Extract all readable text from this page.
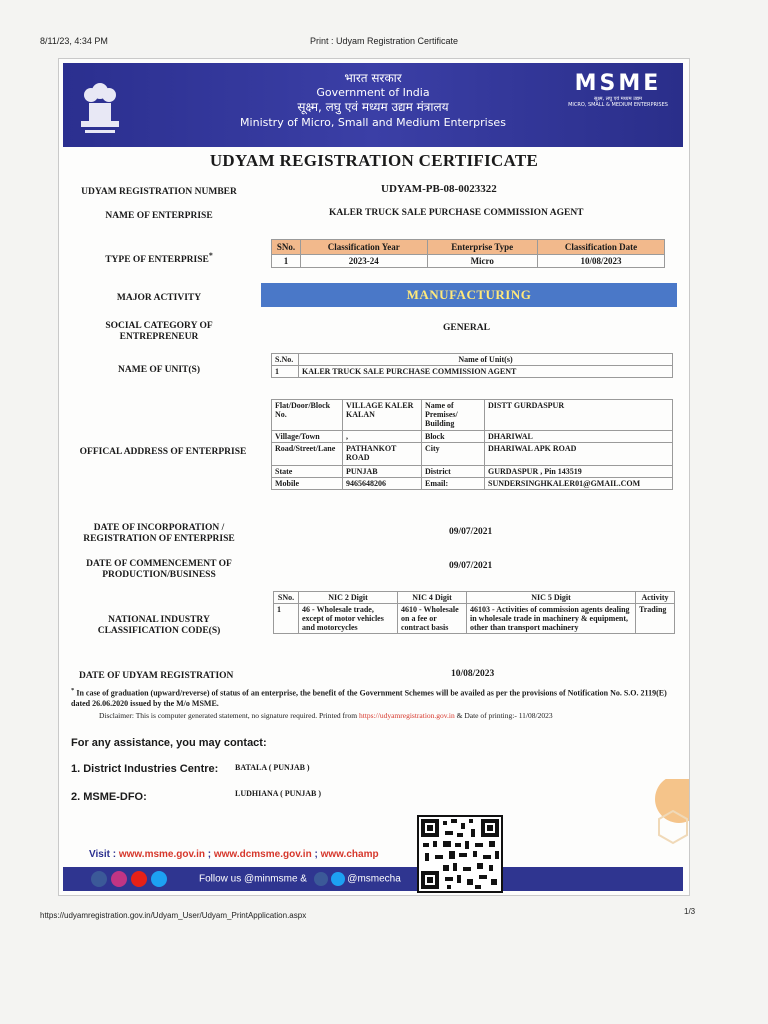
8/11/23, 4:34 PM	Print : Udyam Registration Certificate
भारत सरकार
Government of India
सूक्ष्म, लघु एवं मध्यम उद्यम मंत्रालय
Ministry of Micro, Small and Medium Enterprises
MSME
सूक्ष्म, लघु एवं मध्यम उद्यम
MICRO, SMALL & MEDIUM ENTERPRISES
UDYAM REGISTRATION CERTIFICATE
UDYAM REGISTRATION NUMBER	UDYAM-PB-08-0023322
NAME OF ENTERPRISE	KALER TRUCK SALE PURCHASE COMMISSION AGENT
TYPE OF ENTERPRISE*
SNo.	Classification Year	Enterprise Type	Classification Date
1	2023-24	Micro	10/08/2023
MAJOR ACTIVITY	MANUFACTURING
SOCIAL CATEGORY OF
ENTREPRENEUR
GENERAL
NAME OF UNIT(S)
S.No.	Name of Unit(s)
1	KALER TRUCK SALE PURCHASE COMMISSION AGENT
OFFICAL ADDRESS OF ENTERPRISE
Flat/Door/Block No.	VILLAGE KALER KALAN	Name of Premises/ Building	DISTT GURDASPUR
Village/Town	,	Block	DHARIWAL
Road/Street/Lane	PATHANKOT ROAD	City	DHARIWAL APK ROAD
State	PUNJAB	District	GURDASPUR , Pin 143519
Mobile	9465648206	Email:	SUNDERSINGHKALER01@GMAIL.COM
DATE OF INCORPORATION /
REGISTRATION OF ENTERPRISE
09/07/2021
DATE OF COMMENCEMENT OF
PRODUCTION/BUSINESS
09/07/2021
NATIONAL INDUSTRY
CLASSIFICATION CODE(S)
SNo.	NIC 2 Digit	NIC 4 Digit	NIC 5 Digit	Activity
1	46 - Wholesale trade, except of motor vehicles and motorcycles	4610 - Wholesale on a fee or contract basis	46103 - Activities of commission agents dealing in wholesale trade in machinery & equipment, other than transport machinery	Trading
DATE OF UDYAM REGISTRATION	10/08/2023
* In case of graduation (upward/reverse) of status of an enterprise, the benefit of the Government Schemes will be availed as per the provisions of Notification No. S.O. 2119(E) dated 26.06.2020 issued by the M/o MSME.
Disclaimer: This is computer generated statement, no signature required. Printed from https://udyamregistration.gov.in & Date of printing:- 11/08/2023
For any assistance, you may contact:
1. District Industries Centre: BATALA ( PUNJAB )
2. MSME-DFO:	LUDHIANA ( PUNJAB )
Visit : www.msme.gov.in ; www.dcmsme.gov.in ; www.champ
Follow us @minmsme &	@msmecha
https://udyamregistration.gov.in/Udyam_User/Udyam_PrintApplication.aspx	1/3
